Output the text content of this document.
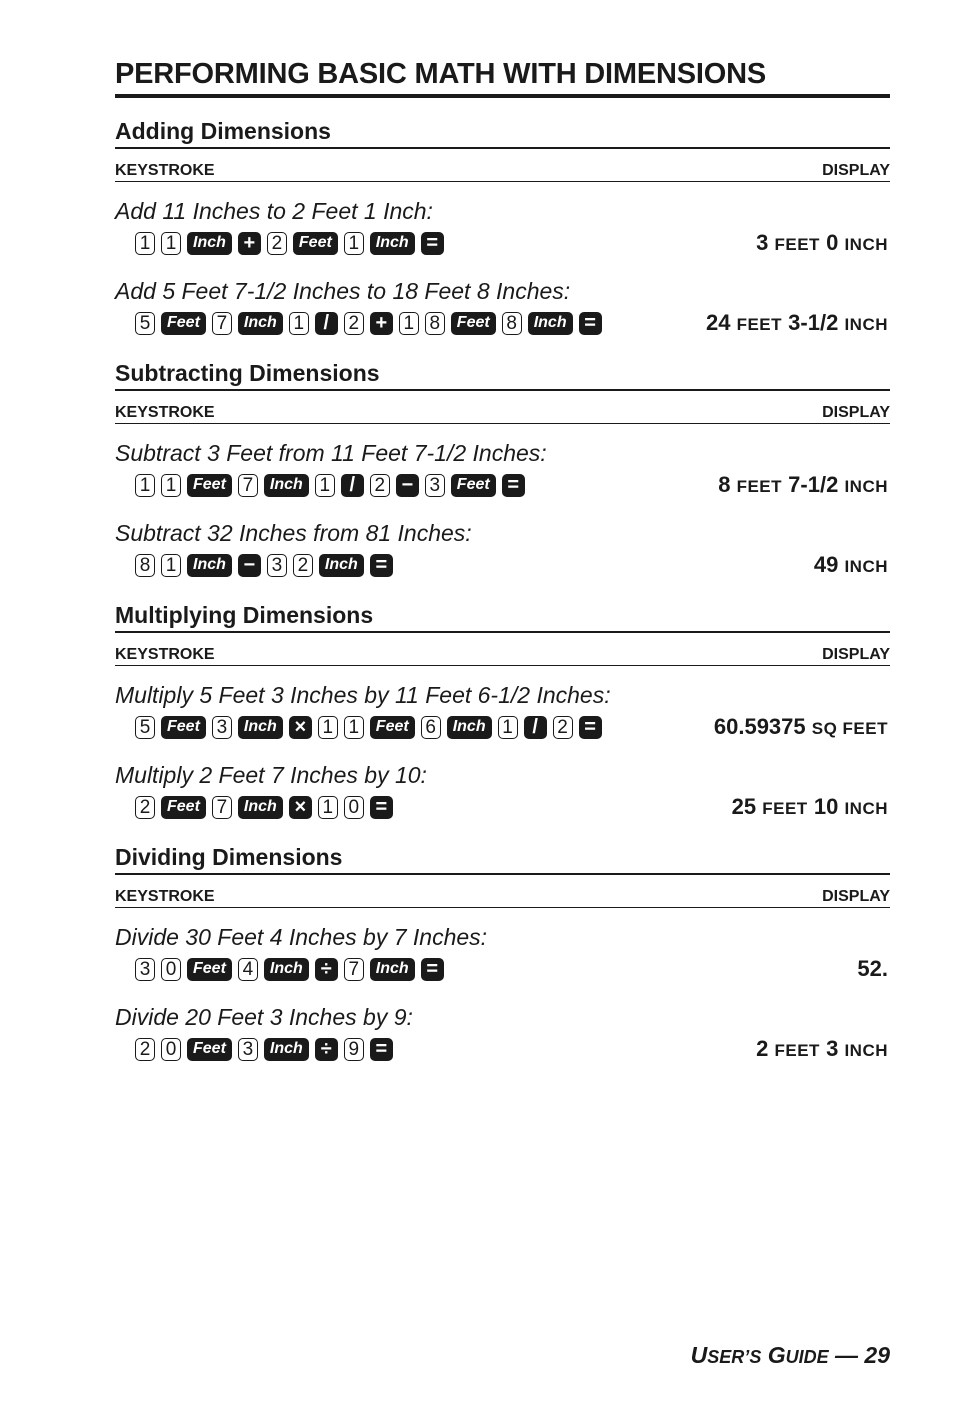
PERFORMING BASIC MATH WITH DIMENSIONS
Adding Dimensions
KEYSTROKE	DISPLAY
Add 11 Inches to 2 Feet 1 Inch:
1 1	Inch + 2	Feet 1	Inch =	3 FEET 0 INCH
Add 5 Feet 7-1/2 Inches to 18 Feet 8 Inches:
5	Feet 7	Inch 1 /	2 + 1 8	Feet 8	Inch =	24 FEET 3-1/2 INCH
Subtracting Dimensions
KEYSTROKE	DISPLAY
Subtract 3 Feet from 11 Feet 7-1/2 Inches:
1 1	Feet 7	Inch 1 /	2 − 3	Feet =	8 FEET 7-1/2 INCH
Subtract 32 Inches from 81 Inches:
8 1	Inch − 3 2	Inch =	49 INCH
Multiplying Dimensions
KEYSTROKE	DISPLAY
Multiply 5 Feet 3 Inches by 11 Feet 6-1/2 Inches:
5	Feet 3	Inch × 1 1	Feet 6	Inch 1 /	2 =	60.59375 SQ FEET
Multiply 2 Feet 7 Inches by 10:
2	Feet 7	Inch × 1 0 =	25 FEET 10 INCH
Dividing Dimensions
KEYSTROKE	DISPLAY
Divide 30 Feet 4 Inches by 7 Inches:
3 0	Feet 4	Inch ÷ 7	Inch =	52.
Divide 20 Feet 3 Inches by 9:
2 0	Feet 3	Inch ÷ 9 =	2 FEET 3 INCH
USER’S GUIDE — 29
